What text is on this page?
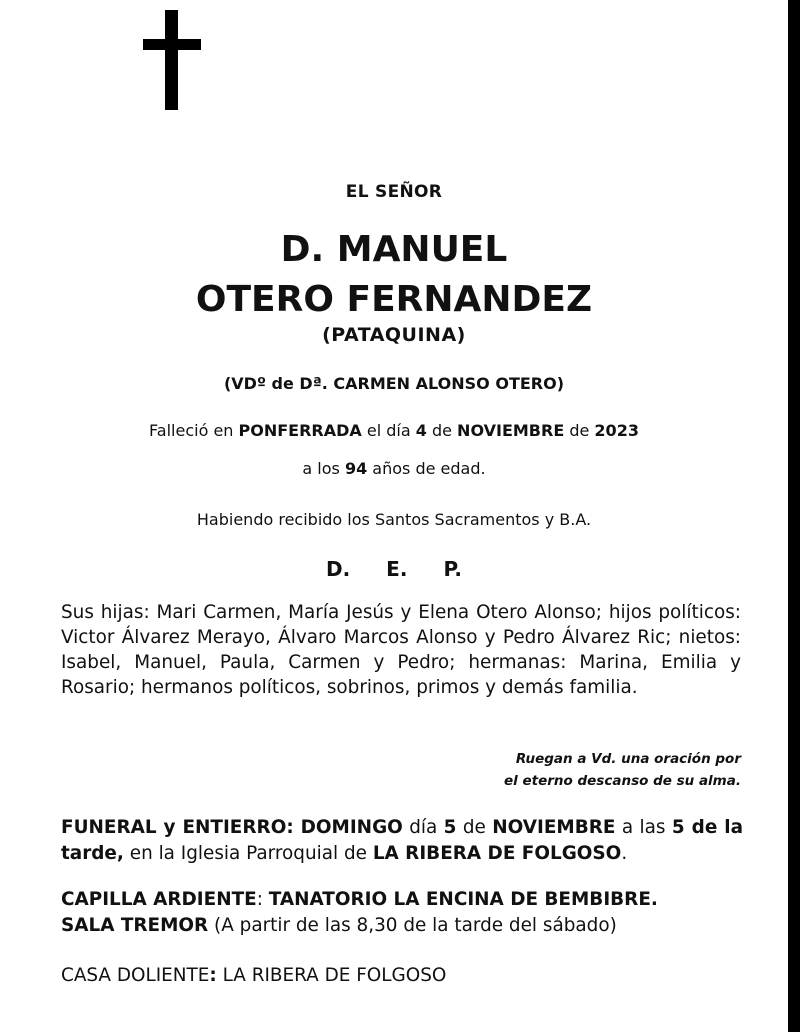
EL SEÑOR
D. MANUEL
OTERO FERNANDEZ
(PATAQUINA)
(VDº de Dª. CARMEN ALONSO OTERO)
Falleció en PONFERRADA el día 4 de NOVIEMBRE de 2023
a los 94 años de edad.
Habiendo recibido los Santos Sacramentos y B.A.
D. E. P.
Sus hijas: Mari Carmen, María Jesús y Elena Otero Alonso; hijos políticos: Victor Álvarez Merayo, Álvaro Marcos Alonso y Pedro Álvarez Ric; nietos: Isabel, Manuel, Paula, Carmen y Pedro; hermanas: Marina, Emilia y Rosario; hermanos políticos, sobrinos, primos y demás familia.
Ruegan a Vd. una oración por
el eterno descanso de su alma.
FUNERAL y ENTIERRO: DOMINGO día 5 de NOVIEMBRE a las 5 de la tarde, en la Iglesia Parroquial de LA RIBERA DE FOLGOSO.
CAPILLA ARDIENTE: TANATORIO LA ENCINA DE BEMBIBRE.
SALA TREMOR (A partir de las 8,30 de la tarde del sábado)
CASA DOLIENTE: LA RIBERA DE FOLGOSO
